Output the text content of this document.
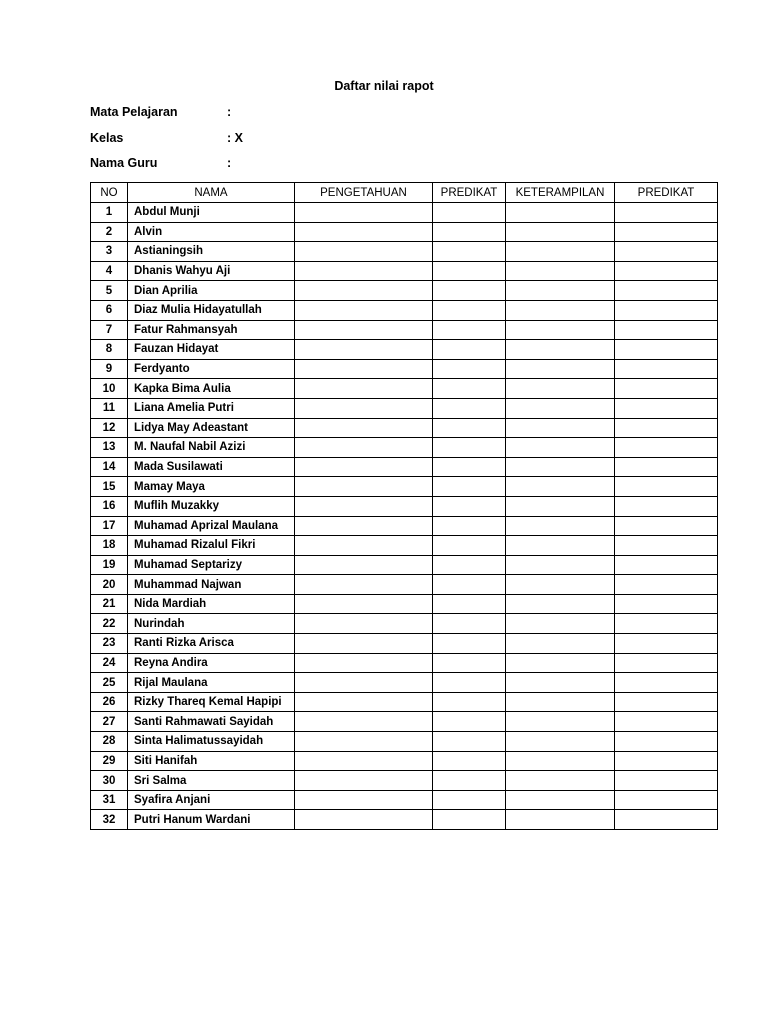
Daftar nilai rapot
Mata Pelajaran	:
Kelas	: X
Nama Guru	:
NO	NAMA	PENGETAHUAN	PREDIKAT	KETERAMPILAN	PREDIKAT
1	Abdul Munji				
2	Alvin				
3	Astianingsih				
4	Dhanis Wahyu Aji				
5	Dian Aprilia				
6	Diaz Mulia Hidayatullah				
7	Fatur Rahmansyah				
8	Fauzan Hidayat				
9	Ferdyanto				
10	Kapka Bima Aulia				
11	Liana Amelia Putri				
12	Lidya May Adeastant				
13	M. Naufal Nabil Azizi				
14	Mada Susilawati				
15	Mamay Maya				
16	Muflih Muzakky				
17	Muhamad Aprizal Maulana				
18	Muhamad Rizalul Fikri				
19	Muhamad Septarizy				
20	Muhammad Najwan				
21	Nida Mardiah				
22	Nurindah				
23	Ranti Rizka Arisca				
24	Reyna Andira				
25	Rijal Maulana				
26	Rizky Thareq Kemal Hapipi				
27	Santi Rahmawati Sayidah				
28	Sinta Halimatussayidah				
29	Siti Hanifah				
30	Sri Salma				
31	Syafira Anjani				
32	Putri Hanum Wardani				
